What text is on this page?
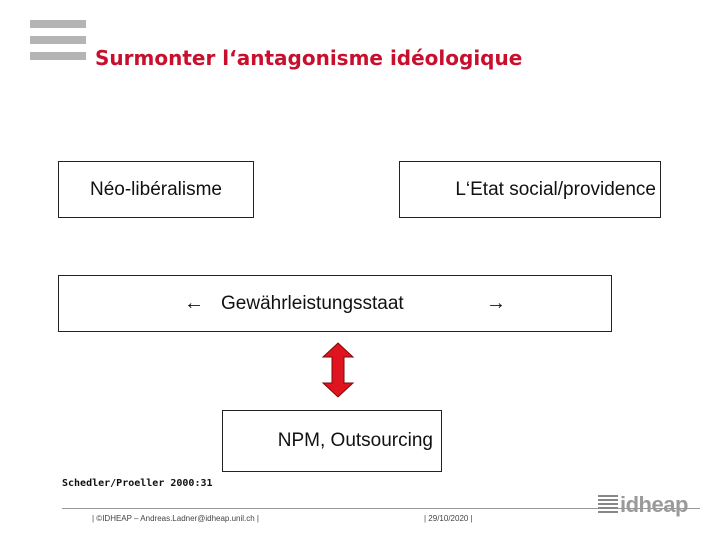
Surmonter l‘antagonisme idéologique
Néo-libéralisme	L‘Etat social/providence
← Gewährleistungsstaat	→
NPM, Outsourcing
Schedler/Proeller 2000:31
| ©IDHEAP – Andreas.Ladner@idheap.unil.ch |	| 29/10/2020 |
idheap
